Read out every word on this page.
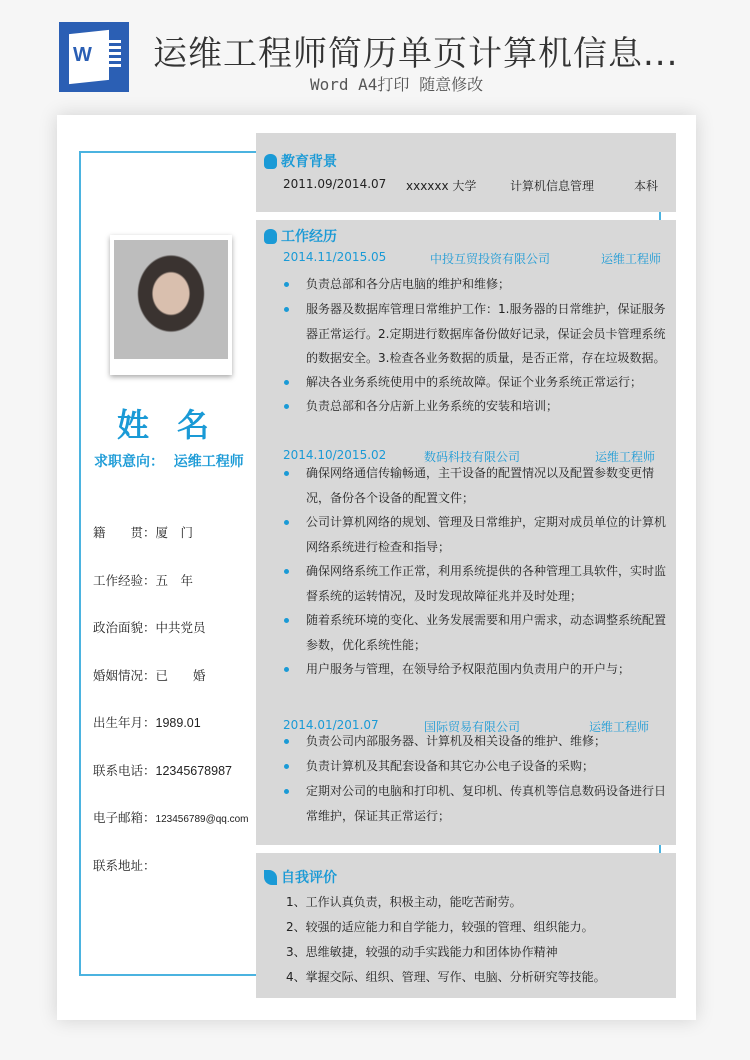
W 运维工程师简历单页计算机信息...
Word A4打印 随意修改
姓名
求职意向： 运维工程师
籍　　贯：厦　门
工作经验：五　年
政治面貌：中共党员
婚姻情况：已　　婚
出生年月：1989.01
联系电话：12345678987
电子邮箱：123456789@qq.com
联系地址：
教育背景
2011.09/2014.07 xxxxxx 大学	计算机信息管理	本科
工作经历
2014.11/2015.05	中投互贸投资有限公司	运维工程师
负责总部和各分店电脑的维护和维修；
服务器及数据库管理日常维护工作：1.服务器的日常维护，保证服务器正常运行。2.定期进行数据库备份做好记录，保证会员卡管理系统的数据安全。3.检查各业务数据的质量，是否正常，存在垃圾数据。
解决各业务系统使用中的系统故障。保证个业务系统正常运行；
负责总部和各分店新上业务系统的安装和培训；
2014.10/2015.02	数码科技有限公司	运维工程师
确保网络通信传输畅通，主干设备的配置情况以及配置参数变更情况，备份各个设备的配置文件；
公司计算机网络的规划、管理及日常维护，定期对成员单位的计算机网络系统进行检查和指导；
确保网络系统工作正常，利用系统提供的各种管理工具软件，实时监督系统的运转情况，及时发现故障征兆并及时处理；
随着系统环境的变化、业务发展需要和用户需求，动态调整系统配置参数，优化系统性能；
用户服务与管理，在领导给予权限范围内负责用户的开户与；
2014.01/201.07	国际贸易有限公司	运维工程师
负责公司内部服务器、计算机及相关设备的维护、维修；
负责计算机及其配套设备和其它办公电子设备的采购；
定期对公司的电脑和打印机、复印机、传真机等信息数码设备进行日常维护，保证其正常运行；
自我评价
1、工作认真负责，积极主动，能吃苦耐劳。
2、较强的适应能力和自学能力，较强的管理、组织能力。
3、思维敏捷，较强的动手实践能力和团体协作精神
4、掌握交际、组织、管理、写作、电脑、分析研究等技能。
